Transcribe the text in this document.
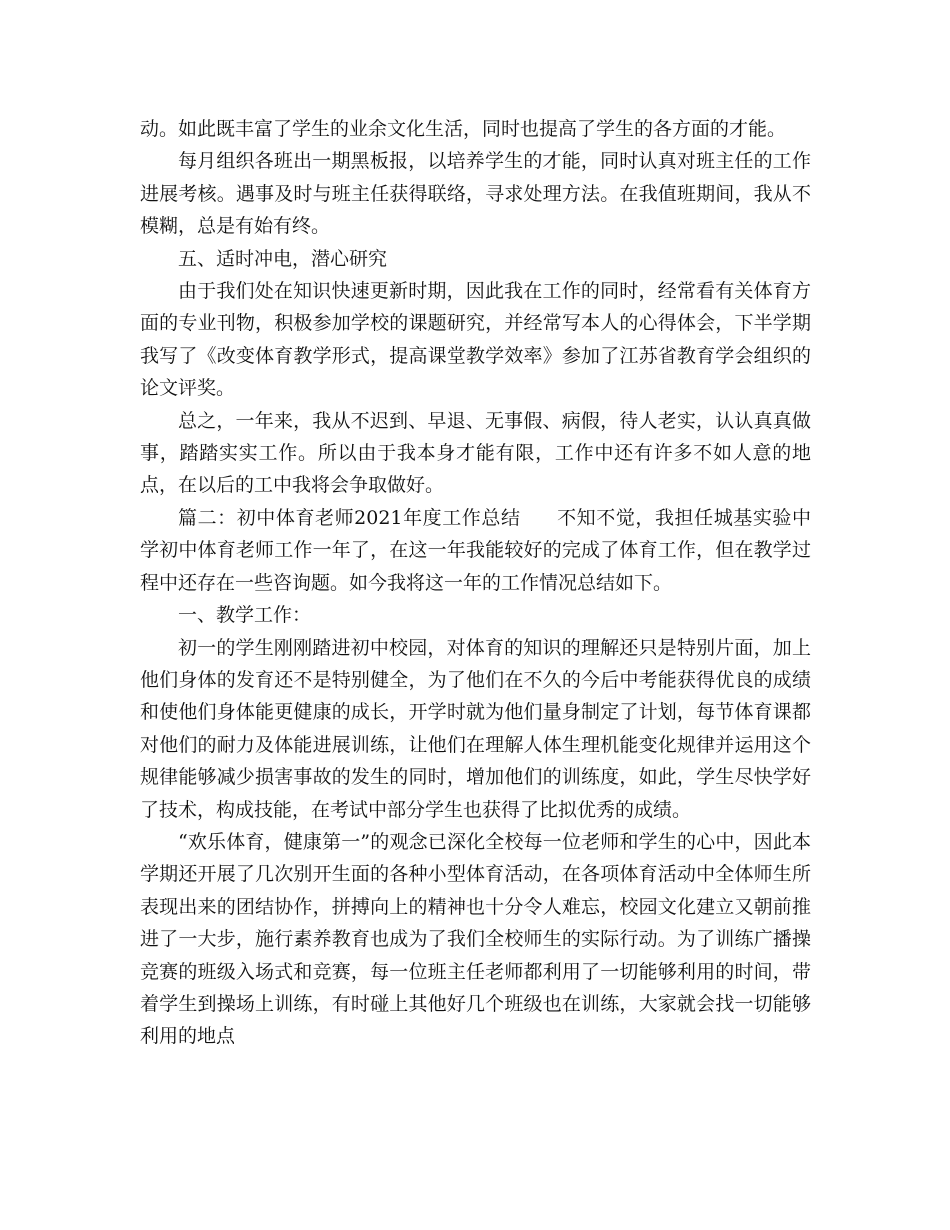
动。如此既丰富了学生的业余文化生活，同时也提高了学生的各方面的才能。

每月组织各班出一期黑板报，以培养学生的才能，同时认真对班主任的工作进展考核。遇事及时与班主任获得联络，寻求处理方法。在我值班期间，我从不模糊，总是有始有终。

五、适时冲电，潜心研究

由于我们处在知识快速更新时期，因此我在工作的同时，经常看有关体育方面的专业刊物，积极参加学校的课题研究，并经常写本人的心得体会，下半学期我写了《改变体育教学形式，提高课堂教学效率》参加了江苏省教育学会组织的论文评奖。

总之，一年来，我从不迟到、早退、无事假、病假，待人老实，认认真真做事，踏踏实实工作。所以由于我本身才能有限，工作中还有许多不如人意的地点，在以后的工中我将会争取做好。

篇二：初中体育老师2021年度工作总结 不知不觉，我担任城基实验中学初中体育老师工作一年了，在这一年我能较好的完成了体育工作，但在教学过程中还存在一些咨询题。如今我将这一年的工作情况总结如下。

一、教学工作：

初一的学生刚刚踏进初中校园，对体育的知识的理解还只是特别片面，加上他们身体的发育还不是特别健全，为了他们在不久的今后中考能获得优良的成绩和使他们身体能更健康的成长，开学时就为他们量身制定了计划，每节体育课都对他们的耐力及体能进展训练，让他们在理解人体生理机能变化规律并运用这个规律能够减少损害事故的发生的同时，增加他们的训练度，如此，学生尽快学好了技术，构成技能，在考试中部分学生也获得了比拟优秀的成绩。

“欢乐体育，健康第一”的观念已深化全校每一位老师和学生的心中，因此本学期还开展了几次别开生面的各种小型体育活动，在各项体育活动中全体师生所表现出来的团结协作，拼搏向上的精神也十分令人难忘，校园文化建立又朝前推进了一大步，施行素养教育也成为了我们全校师生的实际行动。为了训练广播操竞赛的班级入场式和竞赛，每一位班主任老师都利用了一切能够利用的时间，带着学生到操场上训练，有时碰上其他好几个班级也在训练，大家就会找一切能够利用的地点
